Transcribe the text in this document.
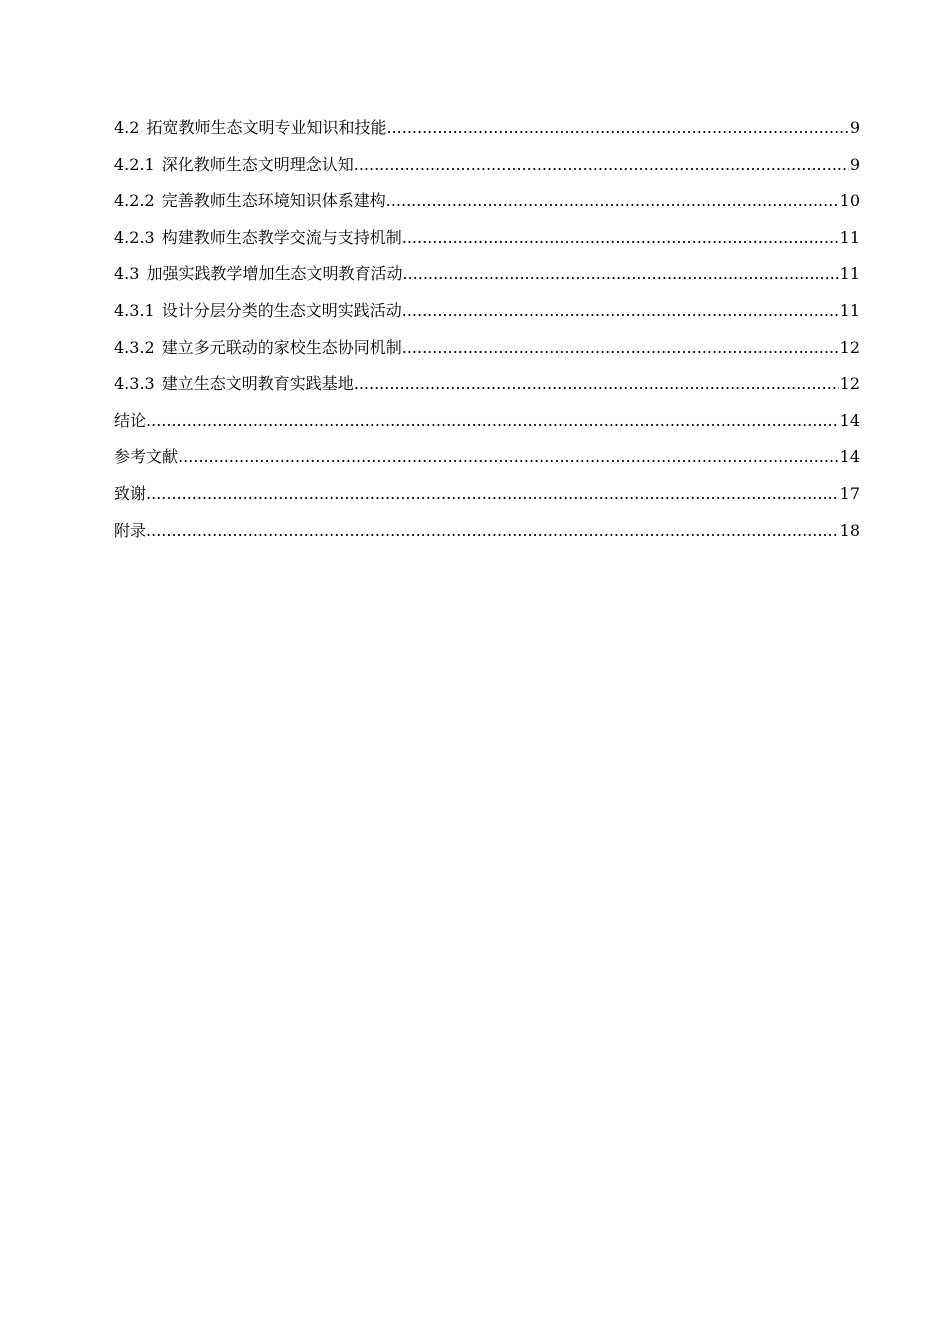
4.2 拓宽教师生态文明专业知识和技能 .....	9
4.2.1 深化教师生态文明理念认知 .....	9
4.2.2 完善教师生态环境知识体系建构 .....	10
4.2.3 构建教师生态教学交流与支持机制 .....	11
4.3 加强实践教学增加生态文明教育活动 .....	11
4.3.1 设计分层分类的生态文明实践活动 .....	11
4.3.2 建立多元联动的家校生态协同机制 .....	12
4.3.3 建立生态文明教育实践基地 .....	12
结论 .....	14
参考文献 .....	14
致谢 .....	17
附录 .....	18
